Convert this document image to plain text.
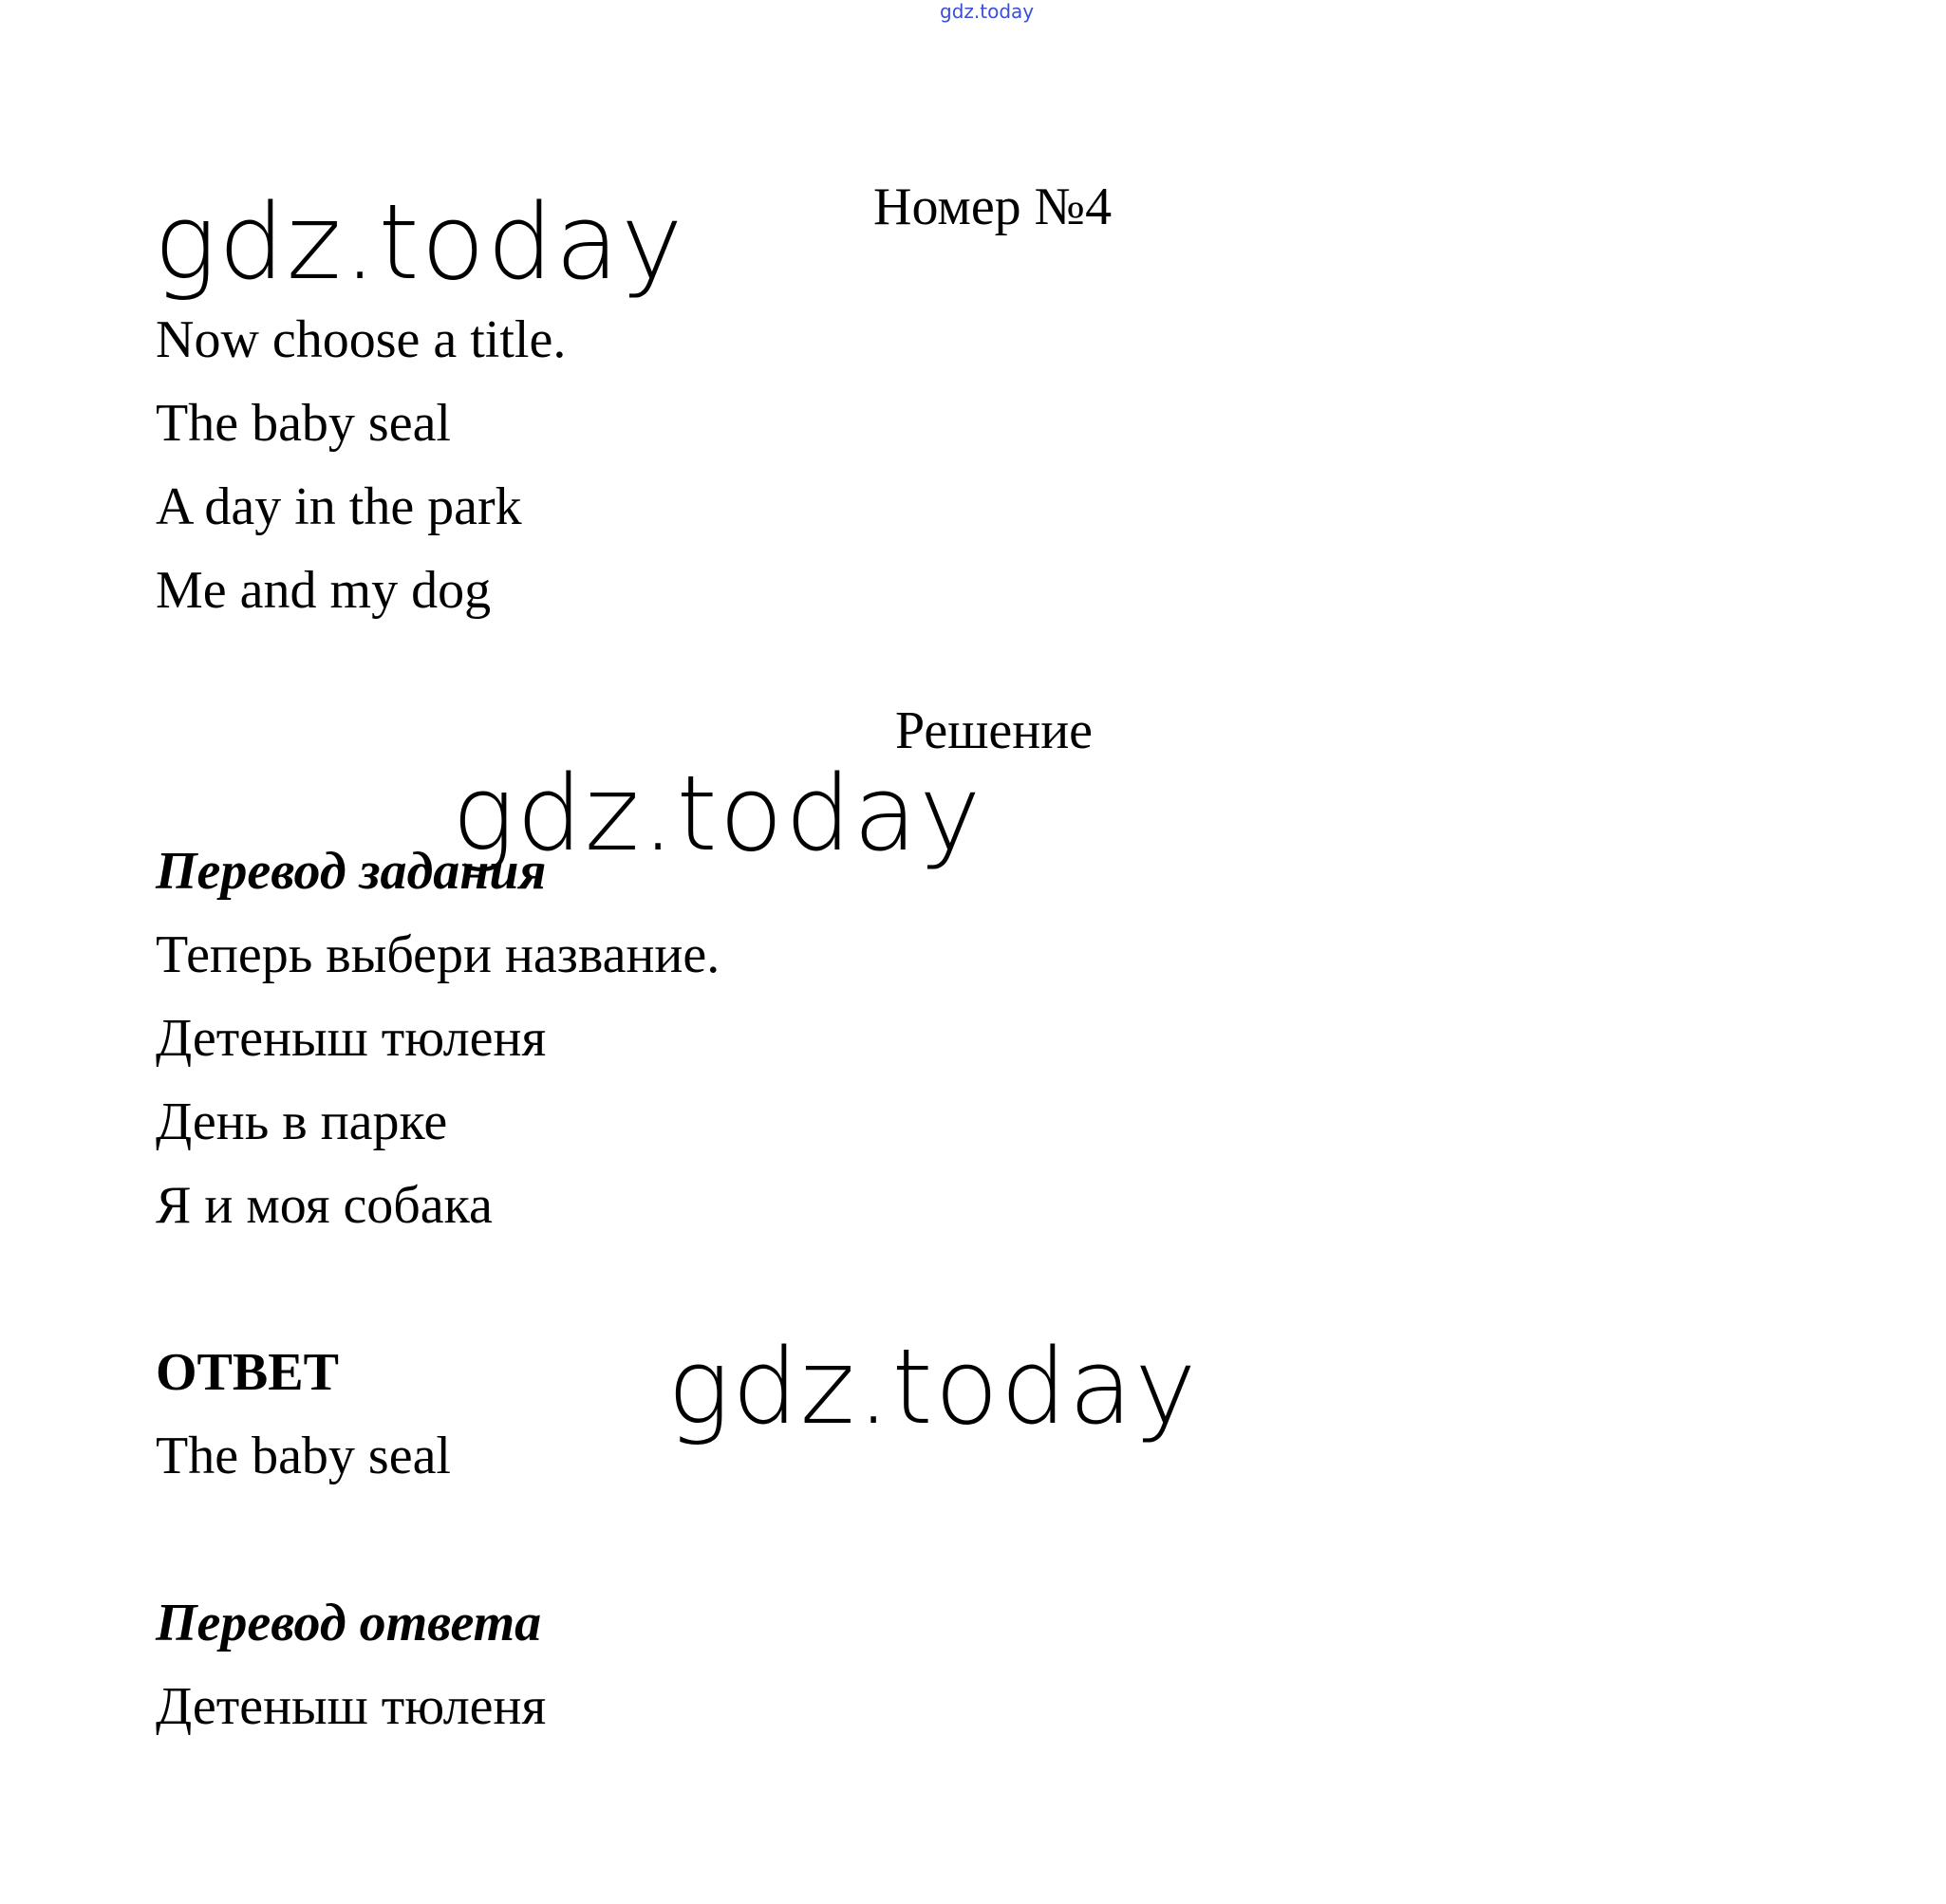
gdz.today
gdz.today	Номер №4
Now choose a title.
The baby seal
A day in the park
Me and my dog
Решение
gdz.today
Перевод задания
Теперь выбери название.
Детеныш тюленя
День в парке
Я и моя собака
ОТВЕТ	gdz.today
The baby seal
Перевод ответа
Детеныш тюленя
